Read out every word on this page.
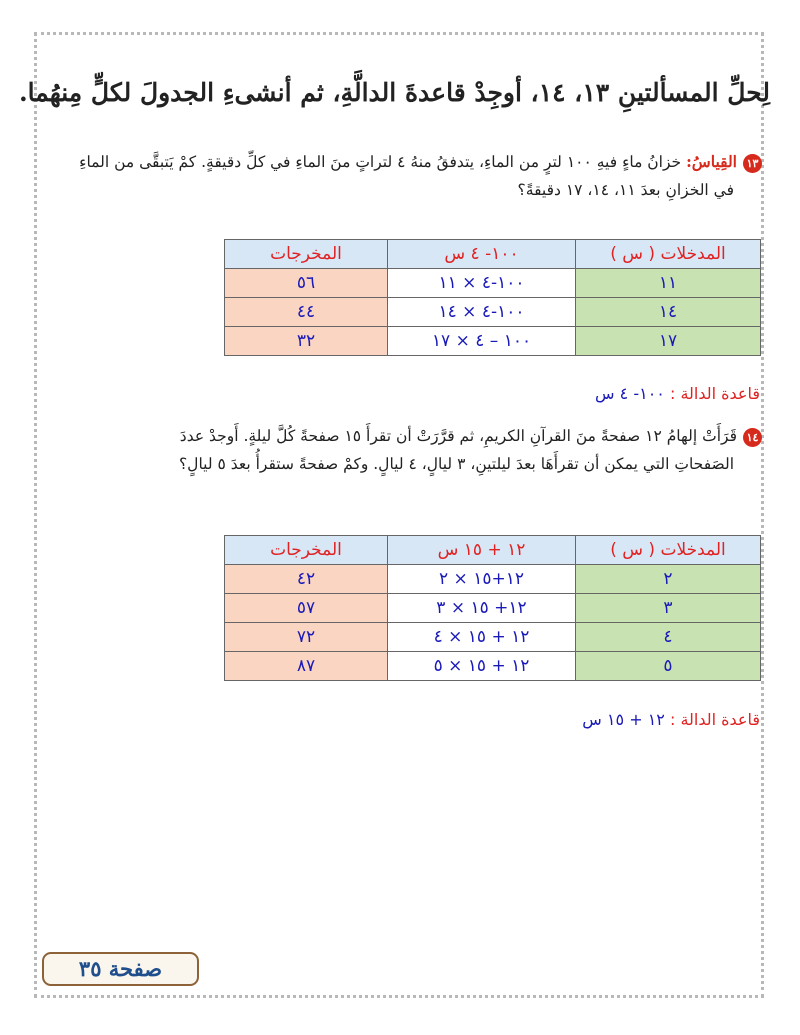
لِحلِّ المسألتينِ ١٣، ١٤، أوجِدْ قاعدةَ الدالَّةِ، ثم أنشىءِ الجدولَ لكلٍّ مِنهُما.
١٣القِياسُ: خزانُ ماءٍ فيهِ ١٠٠ لترٍ من الماءِ، يتدفقُ منهُ ٤ لتراتٍ منَ الماءِ في كلِّ دقيقةٍ. كمْ يَتبقَّى من الماءِ
في الخزانِ بعدَ ١١، ١٤، ١٧ دقيقةً؟
المدخلات ( س )	١٠٠- ٤ س	المخرجات
١١	١٠٠-٤ × ١١	٥٦
١٤	١٠٠-٤ × ١٤	٤٤
١٧	١٠٠ – ٤ × ١٧	٣٢
قاعدة الدالة : ١٠٠- ٤ س
١٤قَرَأَتْ إلهامُ ١٢ صفحةً منَ القرآنِ الكريمِ، ثم قرَّرَتْ أن تقرأَ ١٥ صفحةً كُلَّ ليلةٍ. أَوجدْ عددَ
الصَفحاتِ التي يمكن أن تقرأَهَا بعدَ ليلتينِ، ٣ ليالٍ، ٤ ليالٍ. وكمْ صفحةً ستقرأُ بعدَ ٥ ليالٍ؟
المدخلات ( س )	١٢ + ١٥ س	المخرجات
٢	١٢+١٥ × ٢	٤٢
٣	١٢+ ١٥ × ٣	٥٧
٤	١٢ + ١٥ × ٤	٧٢
٥	١٢ + ١٥ × ٥	٨٧
قاعدة الدالة : ١٢ + ١٥ س
صفحة ٣٥
